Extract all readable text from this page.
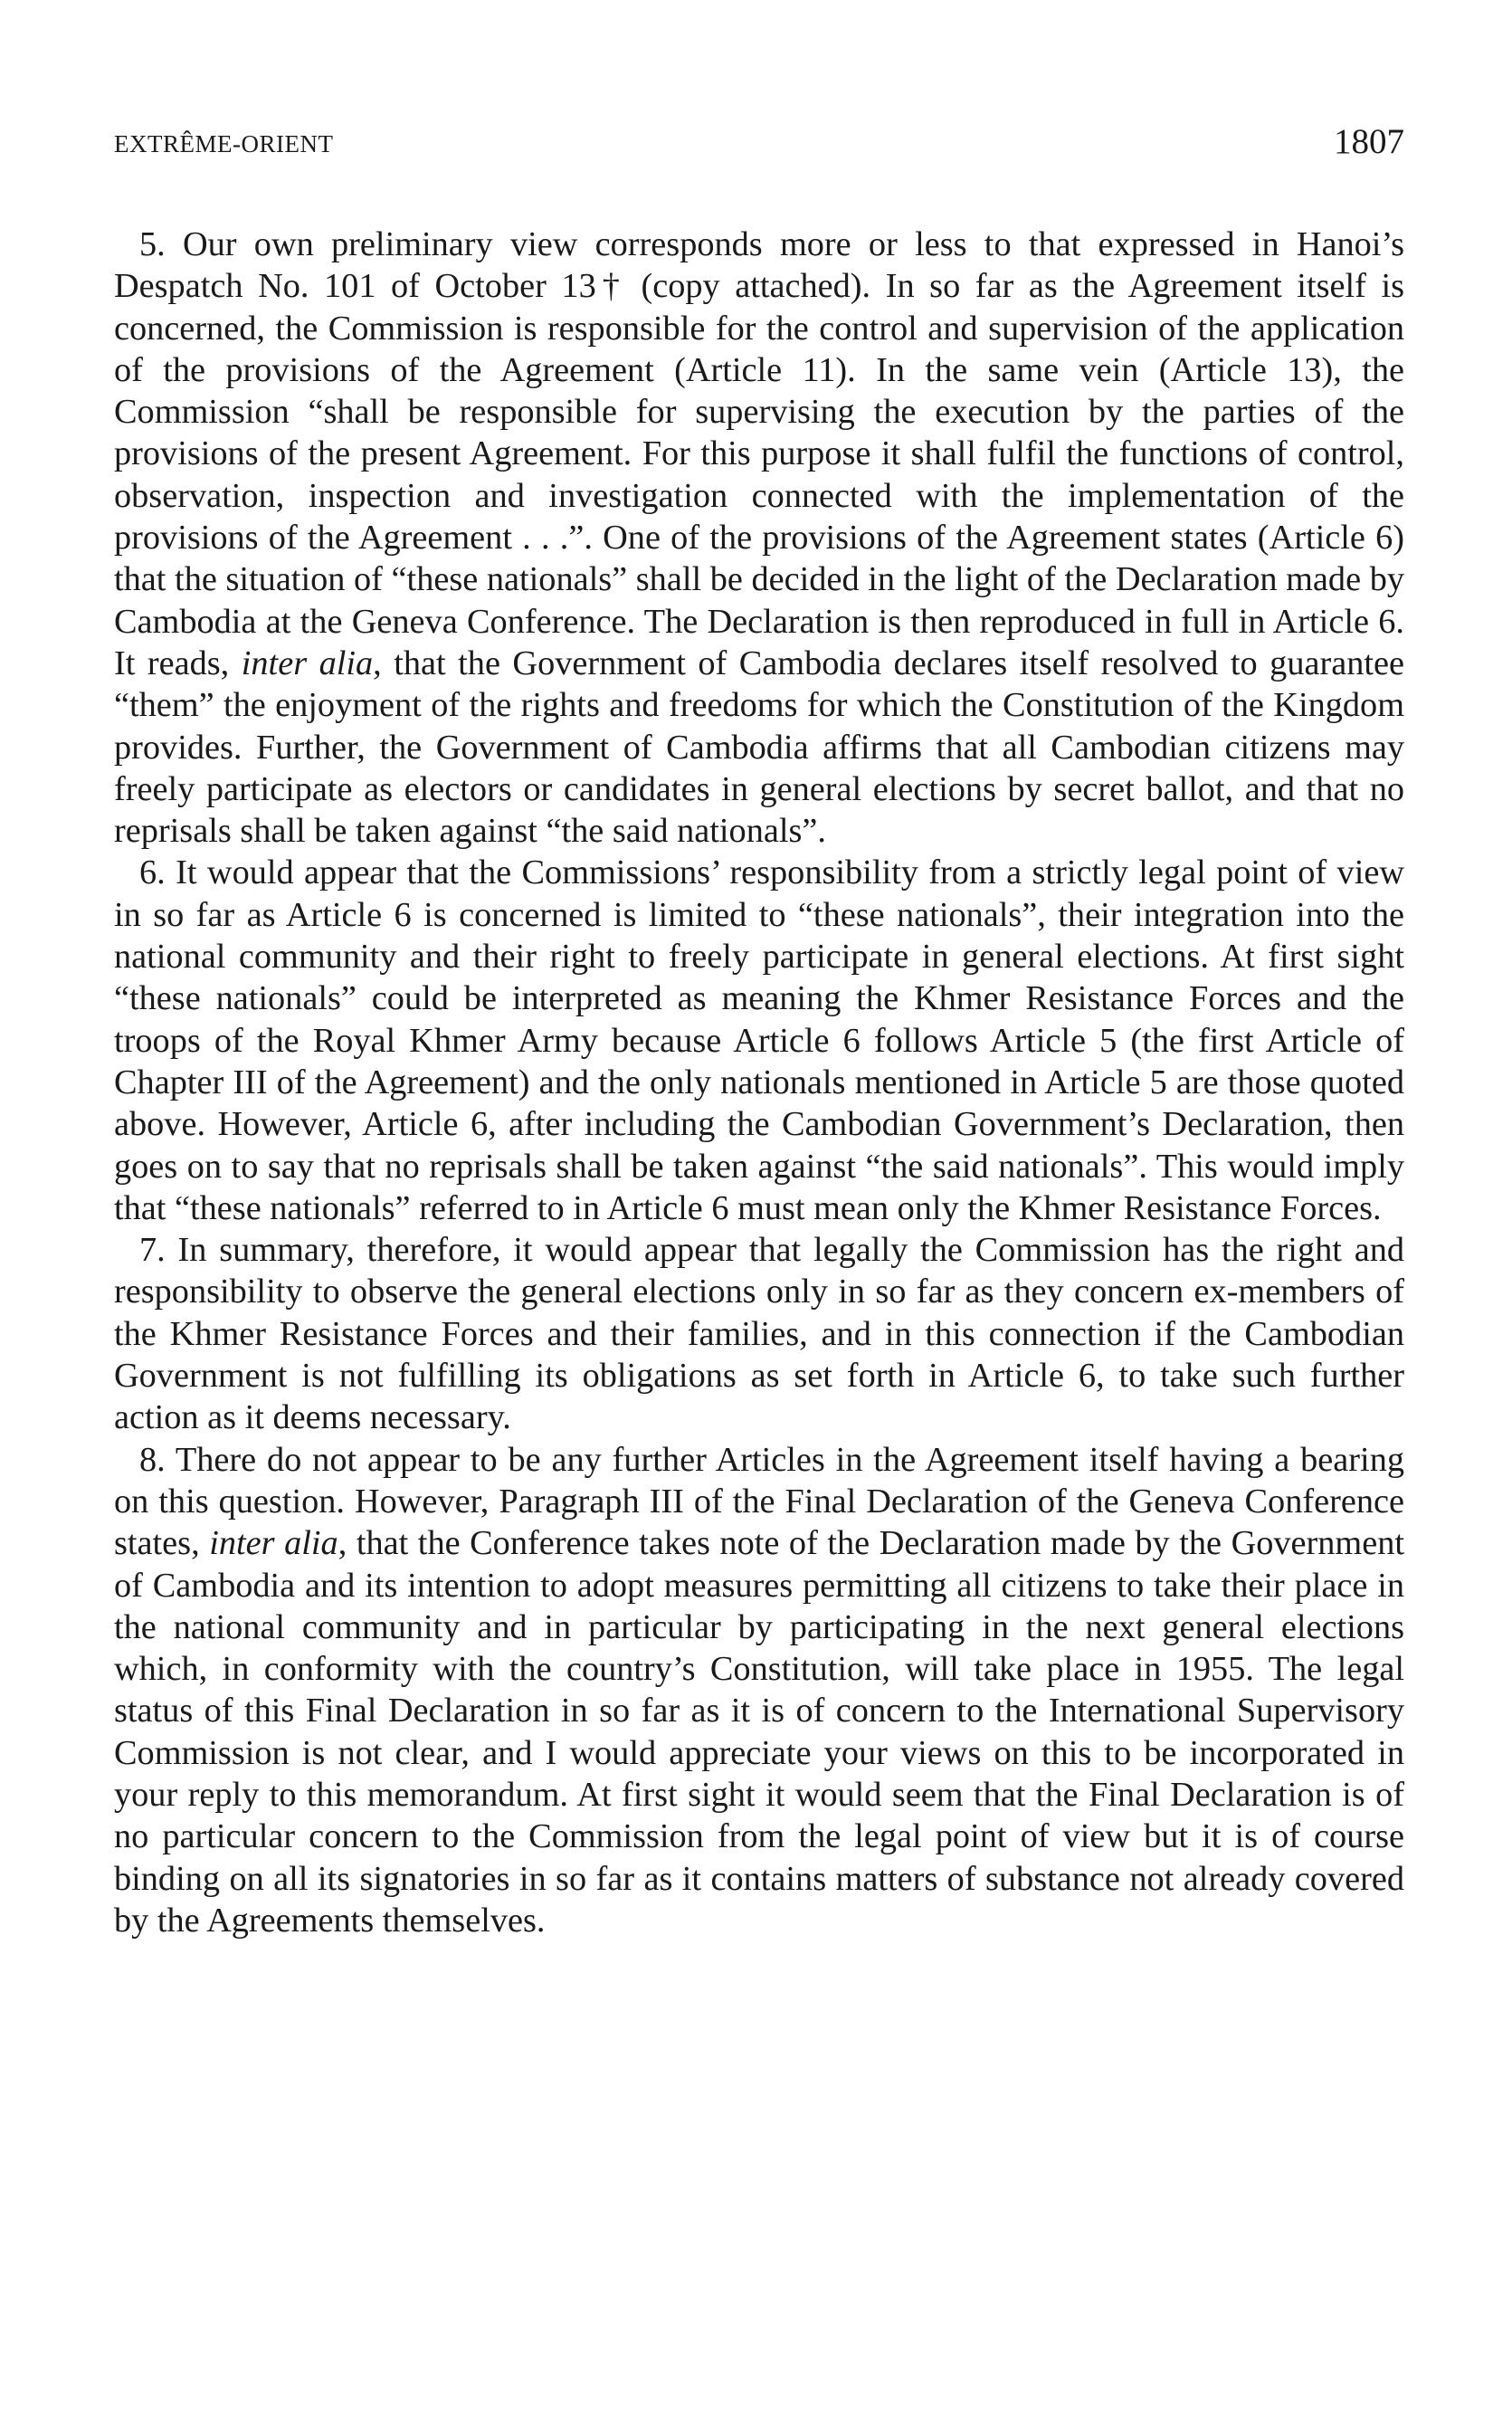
EXTRÊME-ORIENT	1807

5. Our own preliminary view corresponds more or less to that expressed in Hanoi’s Despatch No. 101 of October 13† (copy attached). In so far as the Agreement itself is concerned, the Commission is responsible for the control and supervision of the application of the provisions of the Agreement (Article 11). In the same vein (Article 13), the Commission “shall be responsible for supervising the execution by the parties of the provisions of the present Agreement. For this purpose it shall fulfil the functions of control, observation, inspection and investigation connected with the implementation of the provisions of the Agreement . . .”. One of the provisions of the Agreement states (Article 6) that the situation of “these nationals” shall be decided in the light of the Declaration made by Cambodia at the Geneva Conference. The Declaration is then reproduced in full in Article 6. It reads, inter alia, that the Government of Cambodia declares itself resolved to guarantee “them” the enjoyment of the rights and freedoms for which the Constitution of the Kingdom provides. Further, the Government of Cambodia affirms that all Cambodian citizens may freely participate as electors or candidates in general elections by secret ballot, and that no reprisals shall be taken against “the said nationals”.

6. It would appear that the Commissions’ responsibility from a strictly legal point of view in so far as Article 6 is concerned is limited to “these nationals”, their integration into the national community and their right to freely participate in general elections. At first sight “these nationals” could be interpreted as meaning the Khmer Resistance Forces and the troops of the Royal Khmer Army because Article 6 follows Article 5 (the first Article of Chapter III of the Agreement) and the only nationals mentioned in Article 5 are those quoted above. However, Article 6, after including the Cambodian Government’s Declaration, then goes on to say that no reprisals shall be taken against “the said nationals”. This would imply that “these nationals” referred to in Article 6 must mean only the Khmer Resistance Forces.

7. In summary, therefore, it would appear that legally the Commission has the right and responsibility to observe the general elections only in so far as they concern ex-members of the Khmer Resistance Forces and their families, and in this connection if the Cambodian Government is not fulfilling its obligations as set forth in Article 6, to take such further action as it deems necessary.

8. There do not appear to be any further Articles in the Agreement itself having a bearing on this question. However, Paragraph III of the Final Declaration of the Geneva Conference states, inter alia, that the Conference takes note of the Declaration made by the Government of Cambodia and its intention to adopt measures permitting all citizens to take their place in the national community and in particular by participating in the next general elections which, in conformity with the country’s Constitution, will take place in 1955. The legal status of this Final Declaration in so far as it is of concern to the International Supervisory Commission is not clear, and I would appreciate your views on this to be incorporated in your reply to this memorandum. At first sight it would seem that the Final Declaration is of no particular concern to the Commission from the legal point of view but it is of course binding on all its signatories in so far as it contains matters of substance not already covered by the Agreements themselves.
